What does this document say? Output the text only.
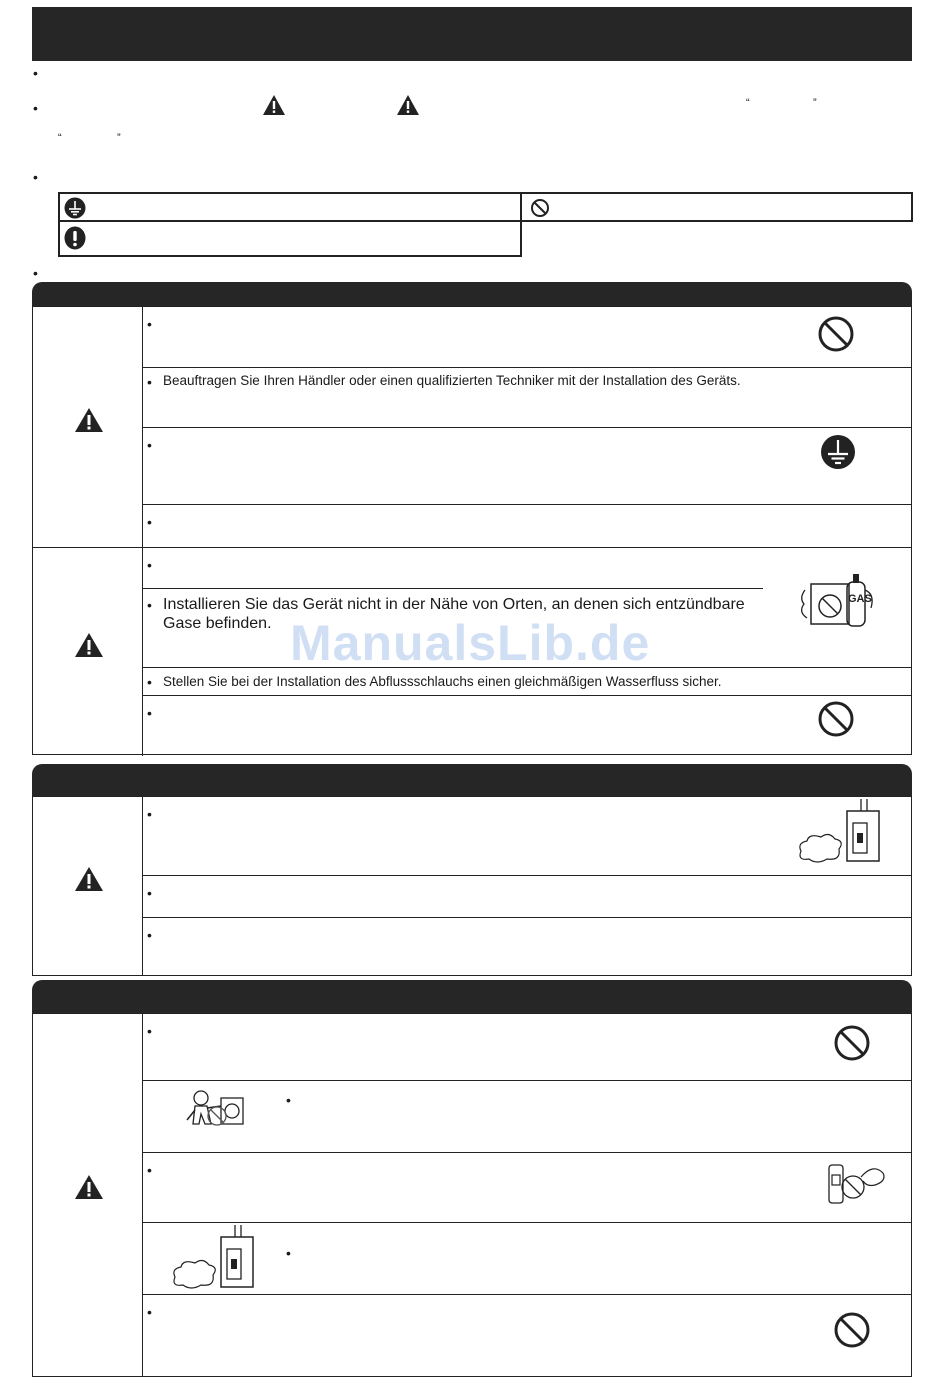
•
•
•
•
“	”
“	”
•
• Beauftragen Sie Ihren Händler oder einen qualifizierten Techniker mit der Installation des Geräts.
•
•
•
• Installieren Sie das Gerät nicht in der Nähe von Orten, an denen sich entzündbare Gase befinden.
GAS
• Stellen Sie bei der Installation des Abflussschlauchs einen gleichmäßigen Wasserfluss sicher.
•
•
•
•
•
•
•
•
•
ManualsLib.de
